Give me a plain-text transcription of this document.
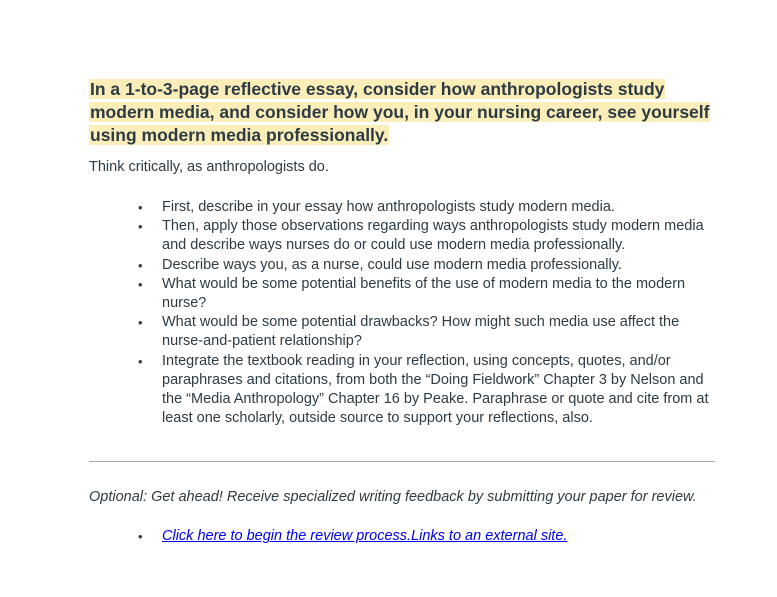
In a 1-to-3-page reflective essay, consider how anthropologists study modern media, and consider how you, in your nursing career, see yourself using modern media professionally.

Think critically, as anthropologists do.

• First, describe in your essay how anthropologists study modern media.
• Then, apply those observations regarding ways anthropologists study modern media and describe ways nurses do or could use modern media professionally.
• Describe ways you, as a nurse, could use modern media professionally.
• What would be some potential benefits of the use of modern media to the modern nurse?
• What would be some potential drawbacks? How might such media use affect the nurse-and-patient relationship?
• Integrate the textbook reading in your reflection, using concepts, quotes, and/or paraphrases and citations, from both the “Doing Fieldwork” Chapter 3 by Nelson and the “Media Anthropology” Chapter 16 by Peake. Paraphrase or quote and cite from at least one scholarly, outside source to support your reflections, also.

Optional: Get ahead! Receive specialized writing feedback by submitting your paper for review.

• Click here to begin the review process.Links to an external site.
